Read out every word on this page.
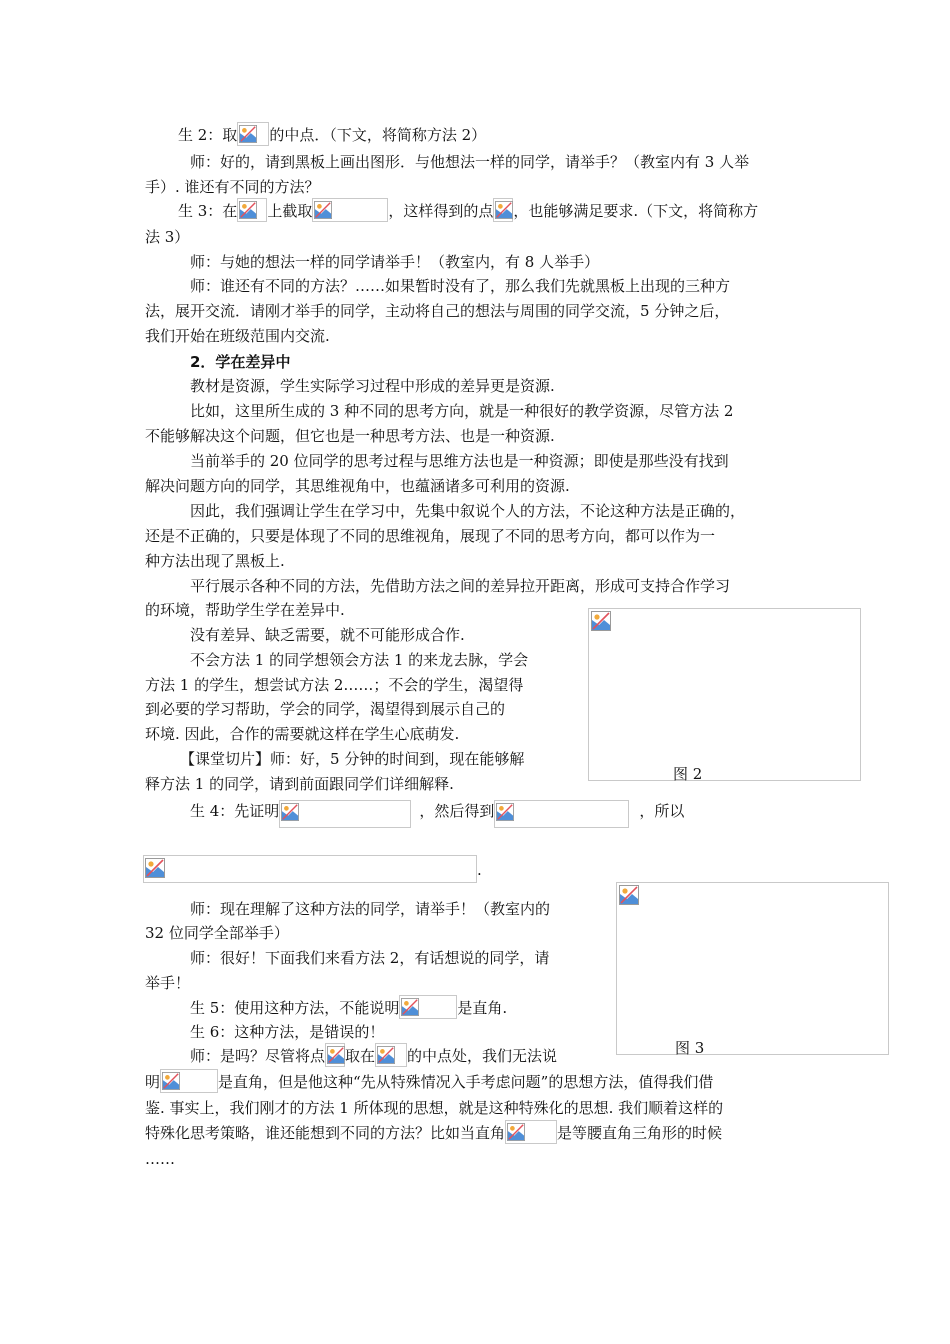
生 2：取 的中点．（下文，将简称方法 2）
师：好的，请到黑板上画出图形．与他想法一样的同学，请举手？（教室内有 3 人举
手）. 谁还有不同的方法？
生 3：在 上截取	，这样得到的点 ，也能够满足要求.（下文，将简称方
法 3）
师：与她的想法一样的同学请举手！（教室内，有 8 人举手）
师：谁还有不同的方法？……如果暂时没有了，那么我们先就黑板上出现的三种方
法，展开交流．请刚才举手的同学，主动将自己的想法与周围的同学交流，5 分钟之后，
我们开始在班级范围内交流.
2．学在差异中
教材是资源，学生实际学习过程中形成的差异更是资源.
比如，这里所生成的 3 种不同的思考方向，就是一种很好的教学资源，尽管方法 2
不能够解决这个问题，但它也是一种思考方法、也是一种资源.
当前举手的 20 位同学的思考过程与思维方法也是一种资源；即使是那些没有找到
解决问题方向的同学，其思维视角中，也蕴涵诸多可利用的资源.
因此，我们强调让学生在学习中，先集中叙说个人的方法，不论这种方法是正确的，
还是不正确的，只要是体现了不同的思维视角，展现了不同的思考方向，都可以作为一
种方法出现了黑板上.
平行展示各种不同的方法，先借助方法之间的差异拉开距离，形成可支持合作学习
的环境，帮助学生学在差异中.
图 2
没有差异、缺乏需要，就不可能形成合作.
不会方法 1 的同学想领会方法 1 的来龙去脉，学会
方法 1 的学生，想尝试方法 2……；不会的学生，渴望得
到必要的学习帮助，学会的同学，渴望得到展示自己的
环境. 因此，合作的需要就这样在学生心底萌发.
【课堂切片】师：好，5 分钟的时间到，现在能够解
释方法 1 的同学，请到前面跟同学们详细解释.
生 4：先证明	，然后得到	，所以
.
图 3
师：现在理解了这种方法的同学，请举手！（教室内的
32 位同学全部举手）
师：很好！下面我们来看方法 2，有话想说的同学，请
举手！
生 5：使用这种方法，不能说明	是直角.
生 6：这种方法，是错误的！
师：是吗？尽管将点 取在 的中点处，我们无法说
明	是直角，但是他这种“先从特殊情况入手考虑问题”的思想方法，值得我们借
鉴. 事实上，我们刚才的方法 1 所体现的思想，就是这种特殊化的思想. 我们顺着这样的
特殊化思考策略，谁还能想到不同的方法？比如当直角	是等腰直角三角形的时候
……
